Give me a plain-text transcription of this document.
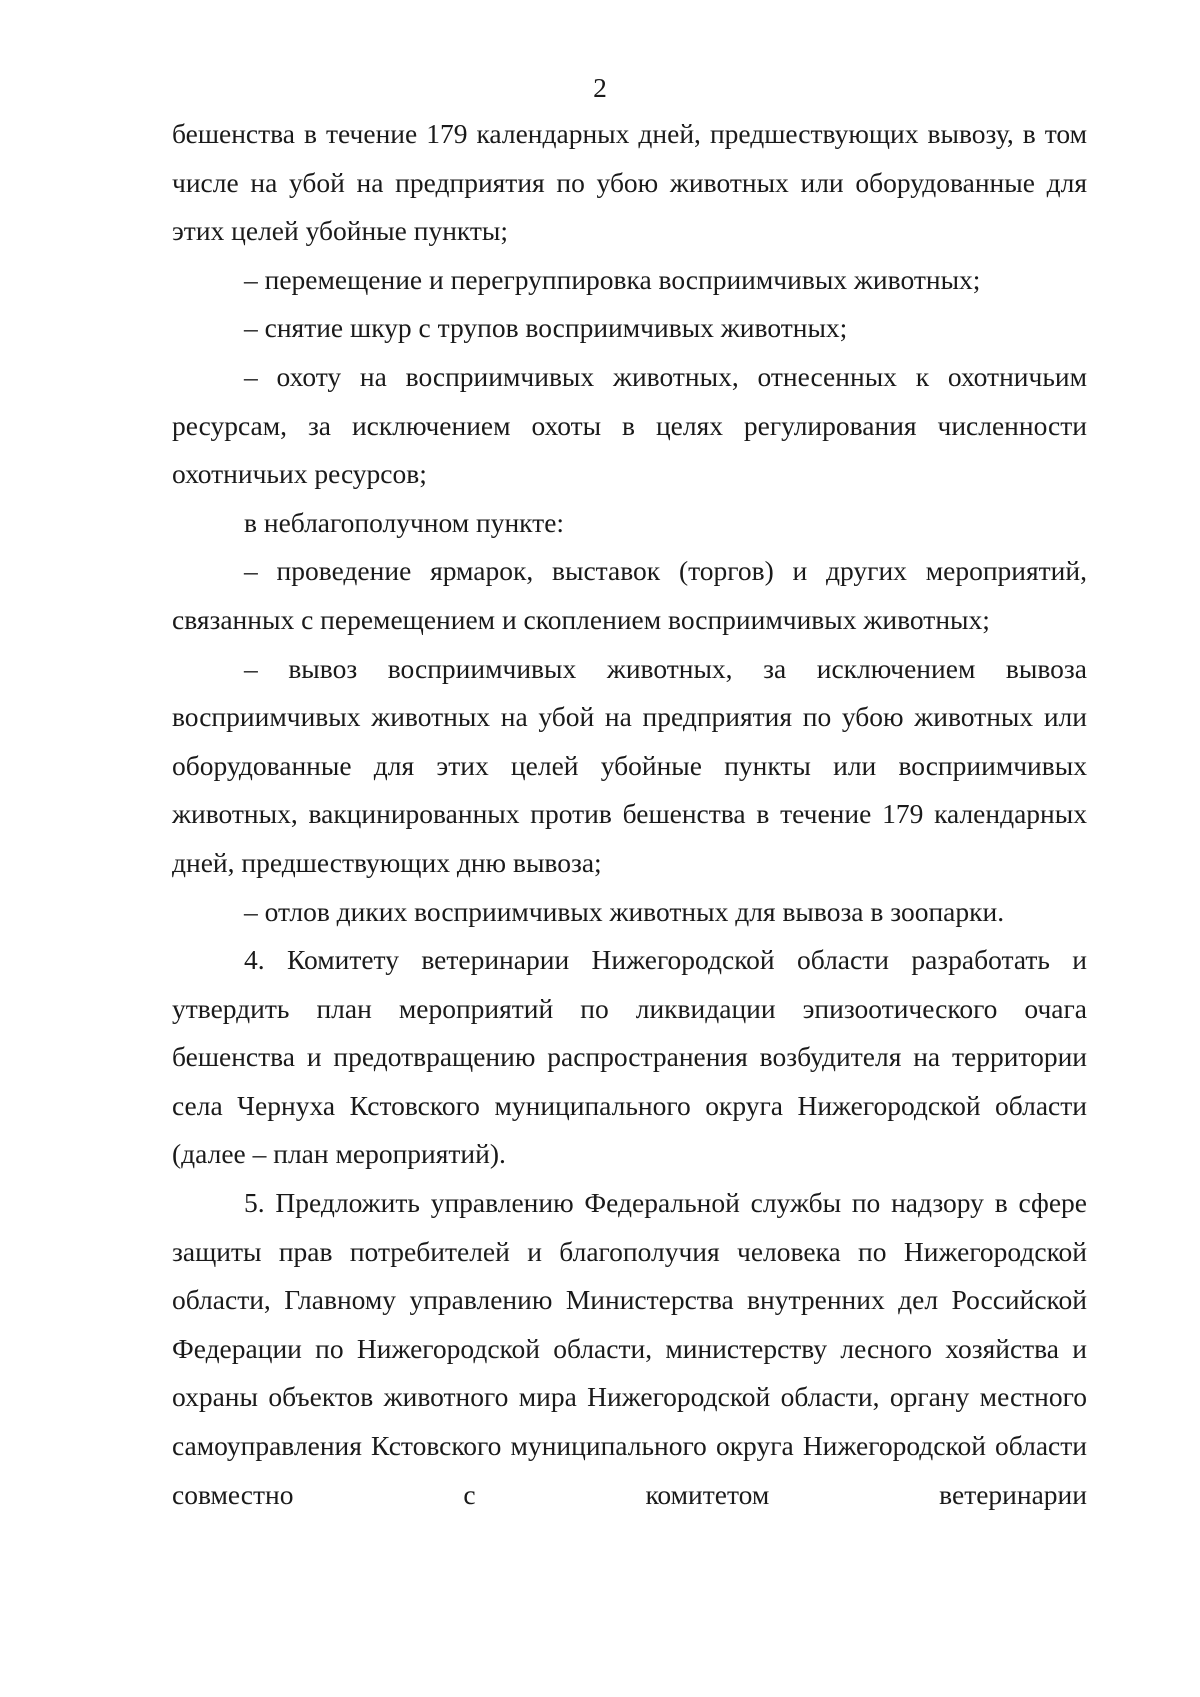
2

бешенства в течение 179 календарных дней, предшествующих вывозу, в том числе на убой на предприятия по убою животных или оборудованные для этих целей убойные пункты;

– перемещение и перегруппировка восприимчивых животных;

– снятие шкур с трупов восприимчивых животных;

– охоту на восприимчивых животных, отнесенных к охотничьим ресурсам, за исключением охоты в целях регулирования численности охотничьих ресурсов;

в неблагополучном пункте:

– проведение ярмарок, выставок (торгов) и других мероприятий, связанных с перемещением и скоплением восприимчивых животных;

– вывоз восприимчивых животных, за исключением вывоза восприимчивых животных на убой на предприятия по убою животных или оборудованные для этих целей убойные пункты или восприимчивых животных, вакцинированных против бешенства в течение 179 календарных дней, предшествующих дню вывоза;

– отлов диких восприимчивых животных для вывоза в зоопарки.

4. Комитету ветеринарии Нижегородской области разработать и утвердить план мероприятий по ликвидации эпизоотического очага бешенства и предотвращению распространения возбудителя на территории села Чернуха Кстовского муниципального округа Нижегородской области (далее – план мероприятий).

5. Предложить управлению Федеральной службы по надзору в сфере защиты прав потребителей и благополучия человека по Нижегородской области, Главному управлению Министерства внутренних дел Российской Федерации по Нижегородской области, министерству лесного хозяйства и охраны объектов животного мира Нижегородской области, органу местного самоуправления Кстовского муниципального округа Нижегородской области совместно с комитетом ветеринарии
